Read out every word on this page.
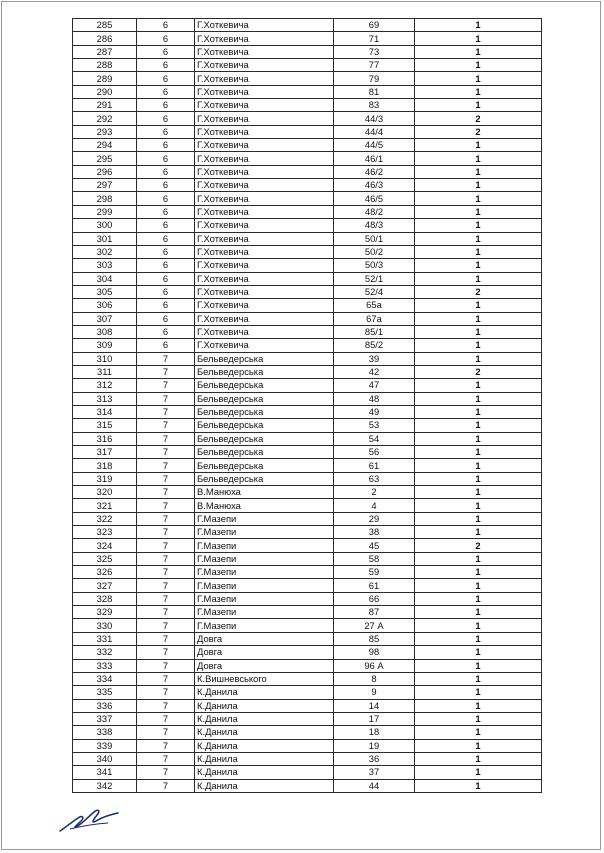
285	6	Г.Хоткевича	69	1
286	6	Г.Хоткевича	71	1
287	6	Г.Хоткевича	73	1
288	6	Г.Хоткевича	77	1
289	6	Г.Хоткевича	79	1
290	6	Г.Хоткевича	81	1
291	6	Г.Хоткевича	83	1
292	6	Г.Хоткевича	44/3	2
293	6	Г.Хоткевича	44/4	2
294	6	Г.Хоткевича	44/5	1
295	6	Г.Хоткевича	46/1	1
296	6	Г.Хоткевича	46/2	1
297	6	Г.Хоткевича	46/3	1
298	6	Г.Хоткевича	46/5	1
299	6	Г.Хоткевича	48/2	1
300	6	Г.Хоткевича	48/3	1
301	6	Г.Хоткевича	50/1	1
302	6	Г.Хоткевича	50/2	1
303	6	Г.Хоткевича	50/3	1
304	6	Г.Хоткевича	52/1	1
305	6	Г.Хоткевича	52/4	2
306	6	Г.Хоткевича	65а	1
307	6	Г.Хоткевича	67а	1
308	6	Г.Хоткевича	85/1	1
309	6	Г.Хоткевича	85/2	1
310	7	Бельведерська	39	1
311	7	Бельведерська	42	2
312	7	Бельведерська	47	1
313	7	Бельведерська	48	1
314	7	Бельведерська	49	1
315	7	Бельведерська	53	1
316	7	Бельведерська	54	1
317	7	Бельведерська	56	1
318	7	Бельведерська	61	1
319	7	Бельведерська	63	1
320	7	В.Манюха	2	1
321	7	В.Манюха	4	1
322	7	Г.Мазепи	29	1
323	7	Г.Мазепи	38	1
324	7	Г.Мазепи	45	2
325	7	Г.Мазепи	58	1
326	7	Г.Мазепи	59	1
327	7	Г.Мазепи	61	1
328	7	Г.Мазепи	66	1
329	7	Г.Мазепи	87	1
330	7	Г.Мазепи	27 А	1
331	7	Довга	85	1
332	7	Довга	98	1
333	7	Довга	96 А	1
334	7	К.Вишневського	8	1
335	7	К.Данила	9	1
336	7	К.Данила	14	1
337	7	К.Данила	17	1
338	7	К.Данила	18	1
339	7	К.Данила	19	1
340	7	К.Данила	36	1
341	7	К.Данила	37	1
342	7	К.Данила	44	1
